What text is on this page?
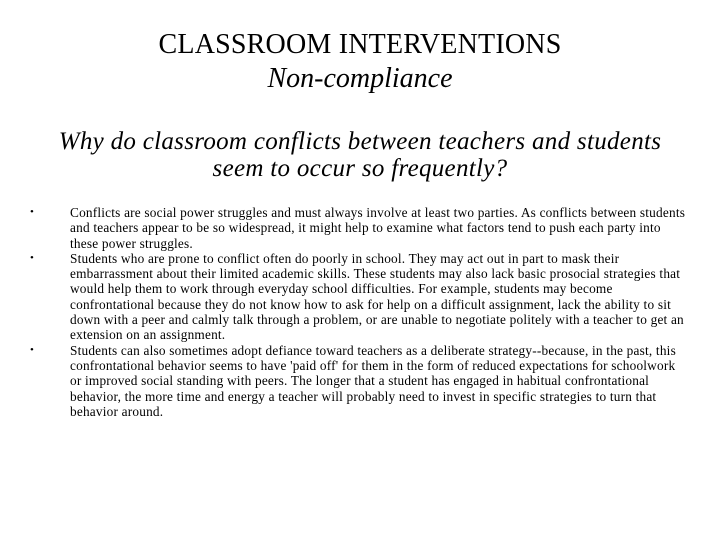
CLASSROOM INTERVENTIONS
Non-compliance
Why do classroom conflicts between teachers and students seem to occur so frequently?
•	Conflicts are social power struggles and must always involve at least two parties. As conflicts between students and teachers appear to be so widespread, it might help to examine what factors tend to push each party into these power struggles.
•	Students who are prone to conflict often do poorly in school. They may act out in part to mask their embarrassment about their limited academic skills. These students may also lack basic prosocial strategies that would help them to work through everyday school difficulties. For example, students may become confrontational because they do not know how to ask for help on a difficult assignment, lack the ability to sit down with a peer and calmly talk through a problem, or are unable to negotiate politely with a teacher to get an extension on an assignment.
•	Students can also sometimes adopt defiance toward teachers as a deliberate strategy--because, in the past, this confrontational behavior seems to have 'paid off' for them in the form of reduced expectations for schoolwork or improved social standing with peers. The longer that a student has engaged in habitual confrontational behavior, the more time and energy a teacher will probably need to invest in specific strategies to turn that behavior around.
